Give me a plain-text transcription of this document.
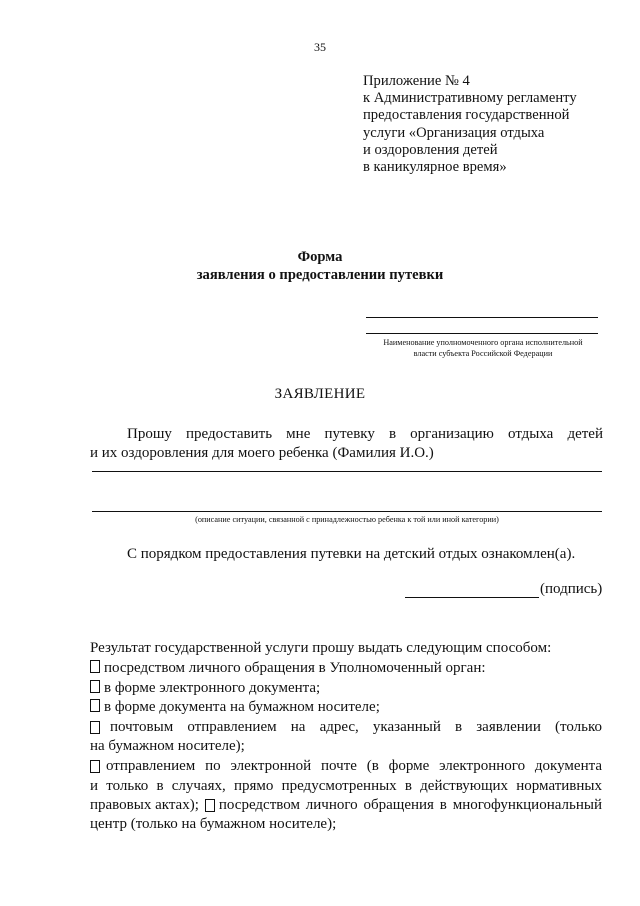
35
Приложение № 4
к Административному регламенту
предоставления государственной
услуги «Организация отдыха
и оздоровления детей
в каникулярное время»
Форма
заявления о предоставлении путевки
Наименование уполномоченного органа исполнительной
власти субъекта Российской Федерации
ЗАЯВЛЕНИЕ
Прошу предоставить мне путевку в организацию отдыха детей
и их оздоровления для моего ребенка (Фамилия И.О.)
(описание ситуации, связанной с принадлежностью ребенка к той или иной категории)
С порядком предоставления путевки на детский отдых ознакомлен(а).
(подпись)
Результат государственной услуги прошу выдать следующим способом:
посредством личного обращения в Уполномоченный орган:
в форме электронного документа;
в форме документа на бумажном носителе;
почтовым отправлением на адрес, указанный в заявлении (только
на бумажном носителе);
отправлением по электронной почте (в форме электронного документа
и только в случаях, прямо предусмотренных в действующих нормативных
правовых актах); посредством личного обращения в многофункциональный
центр (только на бумажном носителе);
